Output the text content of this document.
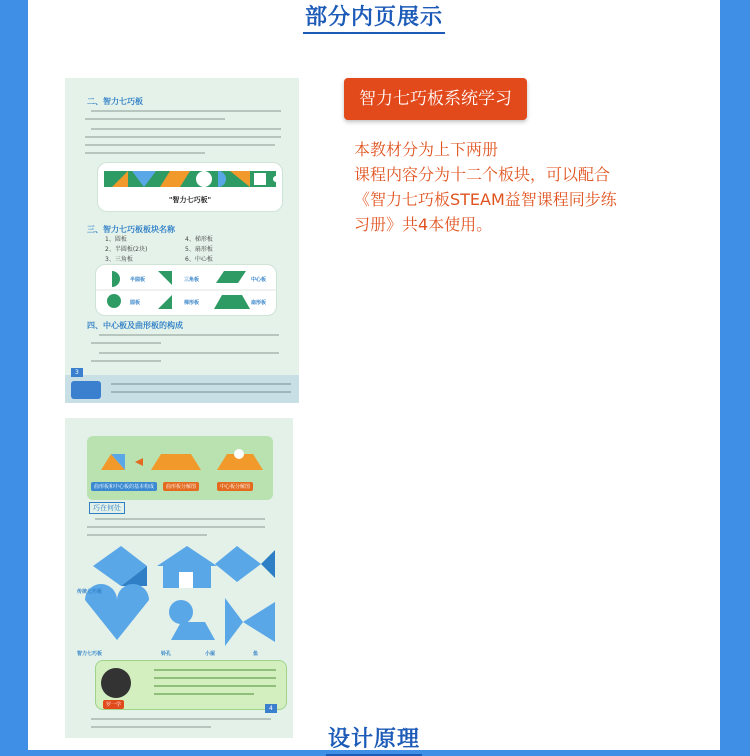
部分内页展示
二、智力七巧板
"智力七巧板"
三、智力七巧板板块名称
1、圆板
2、半圆板(2块)
3、三角板
4、梯形板
5、扇形板
6、中心板
半圆板	三角板	中心板
圆板	梯形板	扇形板
四、中心板及曲形板的构成
3
曲形板和中心板的基本构成	曲形板分解图	中心板分解图
巧在何处
传统七巧板
智力七巧板	铃孔	小屋	鱼
罗一学	4
智力七巧板系统学习
本教材分为上下两册
课程内容分为十二个板块，可以配合
《智力七巧板STEAM益智课程同步练
习册》共4本使用。
设计原理
